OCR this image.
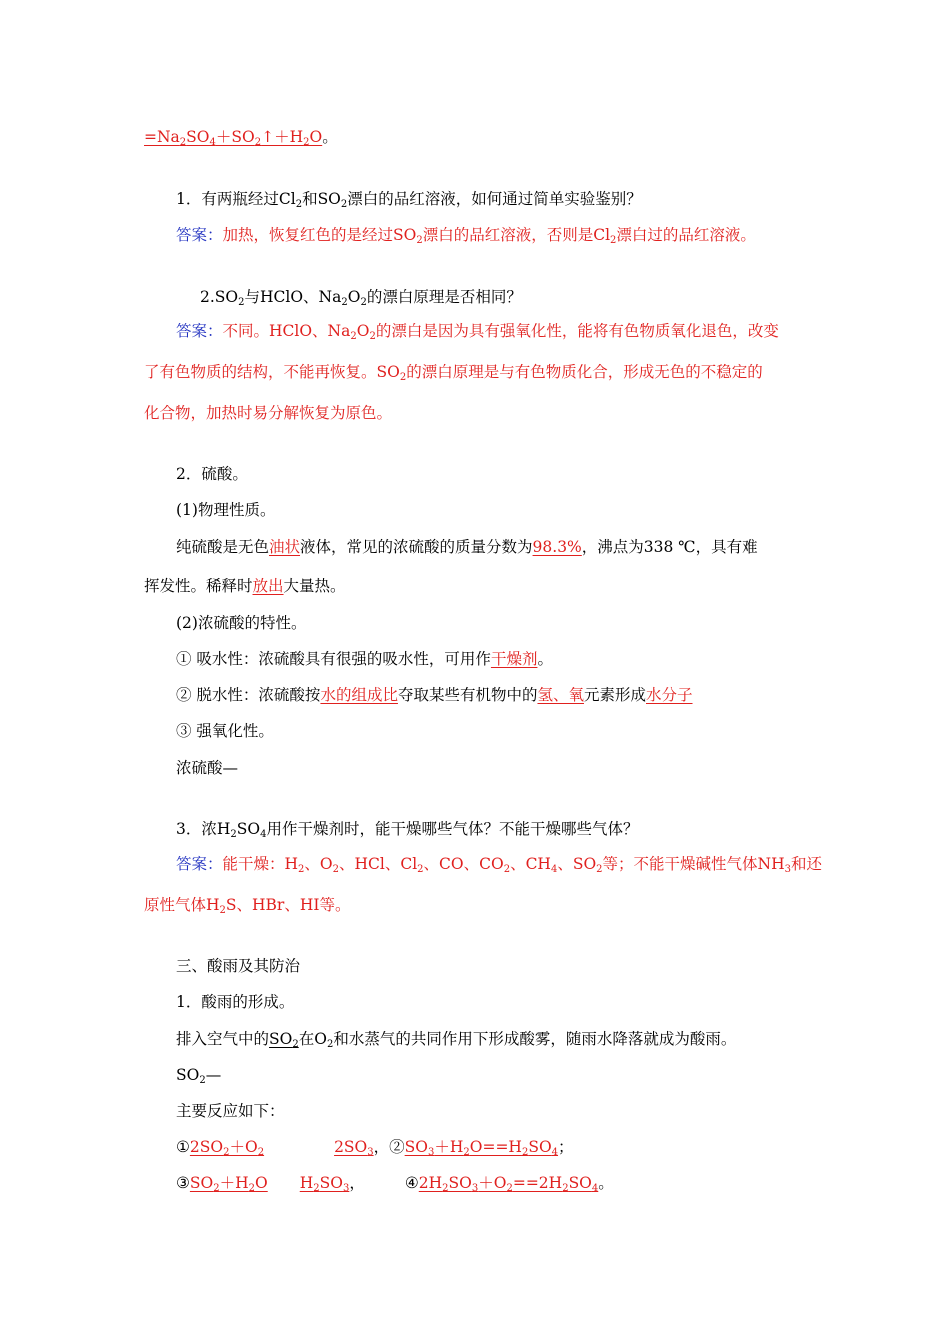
$=Na_2SO_4+SO_2↑+H_2O$。
1．有两瓶经过$Cl_2$和$SO_2$漂白的品红溶液，如何通过简单实验鉴别？
答案：加热，恢复红色的是经过$SO_2$漂白的品红溶液，否则是$Cl_2$漂白过的品红溶液。
$2.SO_2$与HClO、$Na_2O_2$的漂白原理是否相同？
答案：不同。HClO、$Na_2O_2$的漂白是因为具有强氧化性，能将有色物质氧化退色，改变
了有色物质的结构，不能再恢复。$SO_2$的漂白原理是与有色物质化合，形成无色的不稳定的
化合物，加热时易分解恢复为原色。
2．硫酸。
(1)物理性质。
纯硫酸是无色油状液体，常见的浓硫酸的质量分数为98.3%，沸点为338 ℃，具有难
挥发性。稀释时放出大量热。
(2)浓硫酸的特性。
① 吸水性：浓硫酸具有很强的吸水性，可用作干燥剂。
② 脱水性：浓硫酸按水的组成比夺取某些有机物中的氢、氧元素形成水分子
③ 强氧化性。
浓硫酸—
3．浓$H_2SO_4$用作干燥剂时，能干燥哪些气体？不能干燥哪些气体？
答案：能干燥：$H_2$、$O_2$、HCl、$Cl_2$、CO、$CO_2$、$CH_4$、$SO_2$等；不能干燥碱性气体$NH_3$和还
原性气体$H_2S$、HBr、HI等。
三、酸雨及其防治
1．酸雨的形成。
排入空气中的$SO_2$在$O_2$和水蒸气的共同作用下形成酸雾，随雨水降落就成为酸雨。
$SO_2—$
主要反应如下：
$①2SO_2+O_2$	$2SO_3$，$②SO_3+H_2O==H_2SO_4$；
$③SO_2+H_2O$ $H_2SO_3$，	$④2H_2SO_3+O_2==2H_2SO_4$。
